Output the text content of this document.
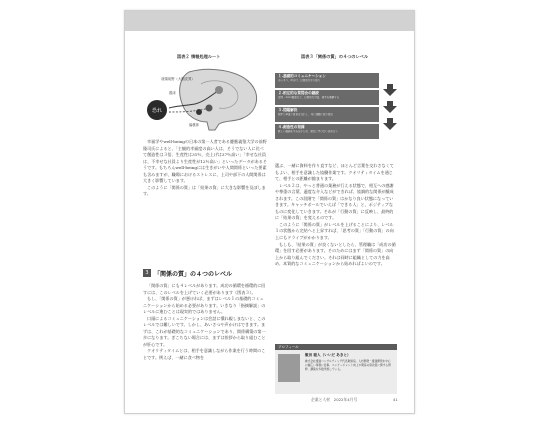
図表２ 情報処理ルート
恐れ
前頭前野（大脳皮質）
視床
偏桃体

幸福学やwell-beingの日本の第一人者である慶應義塾大学の前野隆司氏によると、「主観的幸福度の高い人は、そうでない人に比べて創造性は３倍、生産性は31％、売上げは37％高い」「幸せな社員は、不幸せな社員より生産性が12％高い」といったデータがあるそうです。もちろんwell-beingには生きがいや人間関係といった要素も含みますが、職場におけるストレスに、上司や部下の人間関係は大きく影響しています。

このように「関係の質」は「結果の質」に大きな影響を及ぼします。

3 「関係の質」の４つのレベル

「関係の質」にも４レベルがあります。成功の循環を循環的に回すには、このレベルを上げていく必要があります（図表３）。

もし、「関係の質」が悪ければ、まずはレベル１の基礎的コミュニケーションから始める必要があります。いきなり「指摘解説」のレベルに進むことは現実的ではありません。

口頭によるコミュニケーションは会話に慣れ親しまないと、このレベルでは難しいです。しかし、あいさつや声かけはできます。まずは、これが基礎的なコミュニケーションであり、関係構築の第一歩になります。ぎこちない場合には、まずは挨拶から取り組むことが肝心です。

クオリティタイムとは、相手を意識しながら作業を行う時間のことです。例えば、一緒に食べ物を

図表３「関係の質」の４つのレベル
１.基礎的コミュニケーション
あいさつ、声がけ、日常的なやり取り
２.相互的な質問会の継続
定例・1on1面談など、日常的な対話、相手を理解する
３.問題解決
相手と率直に意見を交わし、共に課題に取り組む
４.創造性の発揮
新しい価値を生み出すため、相互に学び合い高め合う

選ぶ、一緒に資料を作り直すなど、ほとんど言葉を交わさなくてもよい、相手を意識した協働作業です。クオリティタイムを通じて、相手との距離が縮まります。

レベル２は、やっと普通の業務が行える状態で、相互への感謝や尊重の言葉、適度な介入などができれば、協調的な関係が醸成されます。この段階で「関係の質」はかなり良い状態になっていきます。キャッチボールでいえば「できる人」と、ポジティブなものに変化していきます。それが「行動の質」に反映し、最終的に「結果の質」を変えるのです。

このように「関係の質」がレベルを上げることにより、レベル１の状態から完結へと上昇すれば、「思考の質」「行動の質」の向上にもドライブがかかります。

もしも、「結果の質」が良くないとしたら、管理職は「成功の循環」を回す必要があります。そのためにはまず「関係の質」の向上から取り組んでください。それは同時に組織としての力を高め、本質的なコミュニケーションから始めればよいのです。

プロフィール
飯田 聡人（いいだ あきと）
株式会社組織コンサルティング代表取締役。人材開発・組織開発を中心に幅広い業務に従事。エンゲージメント向上や関係の質改善に関する研修、講演を多数実施している。
企業と人材　2022年4月号	41
